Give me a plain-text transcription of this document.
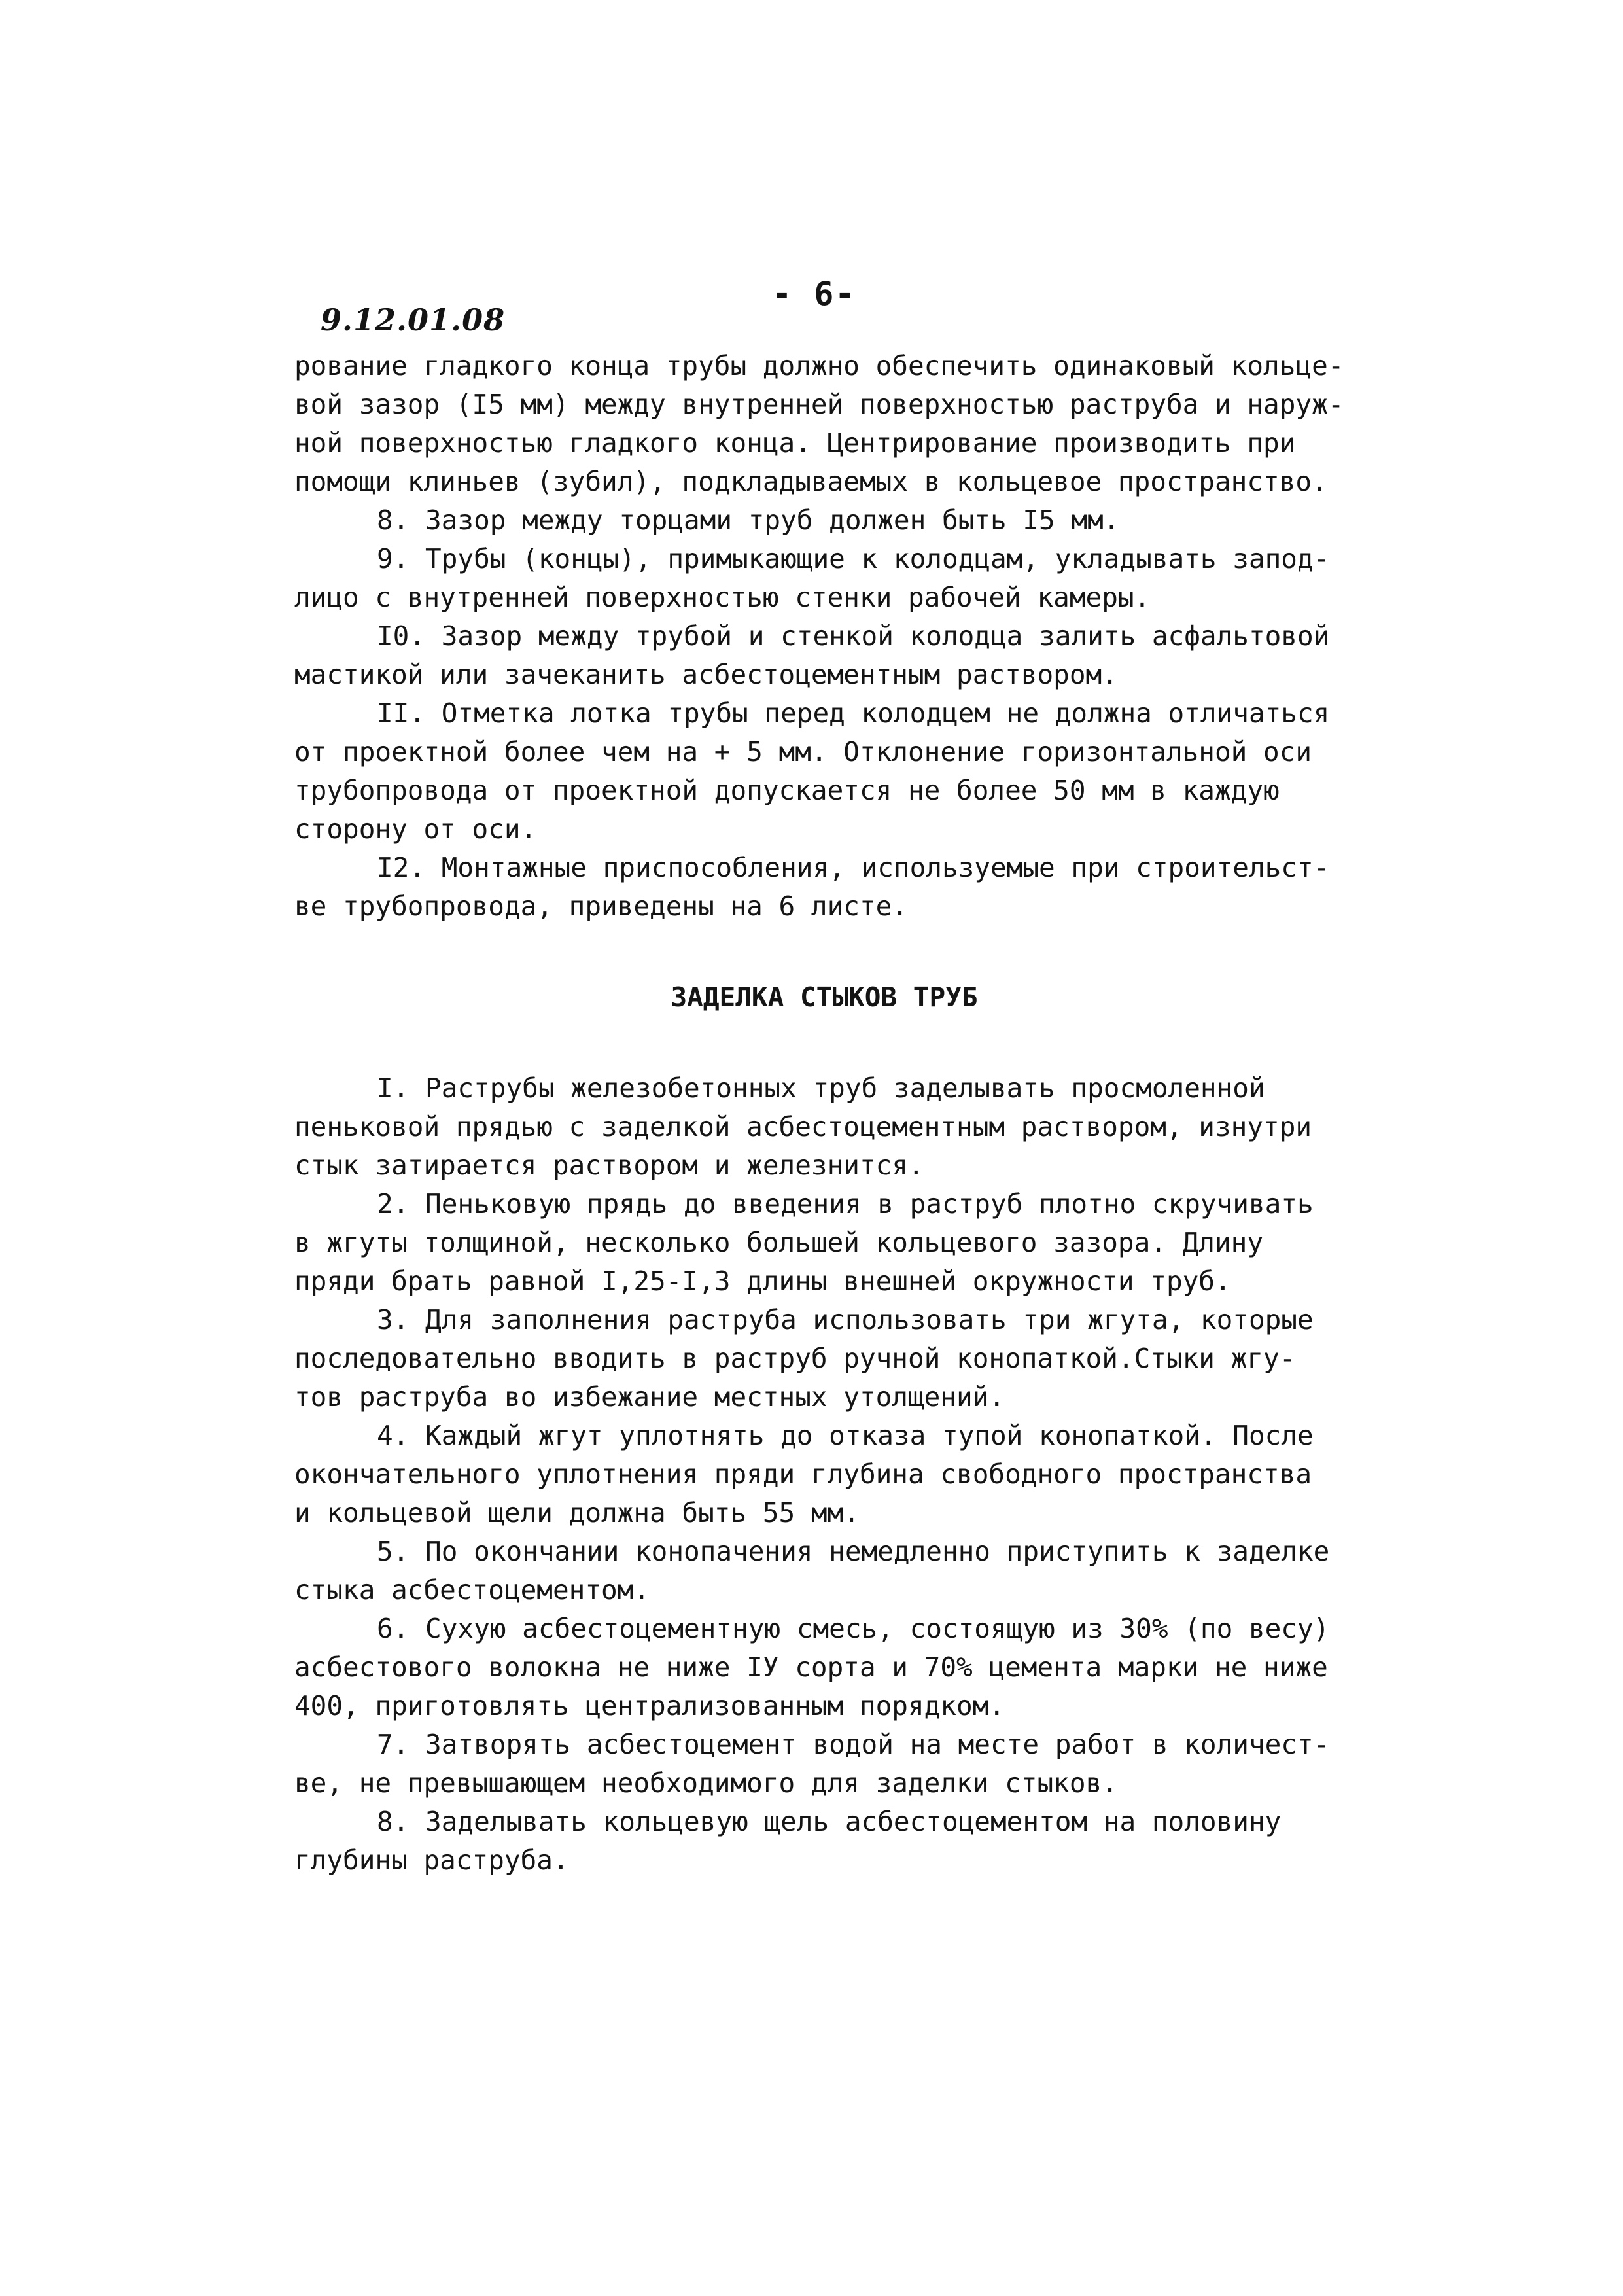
- 6-
9.12.01.08
рование гладкого конца трубы должно обеспечить одинаковый кольце-
вой зазор (I5 мм) между внутренней поверхностью раструба и наруж-
ной поверхностью гладкого конца. Центрирование производить при
помощи клиньев (зубил), подкладываемых в кольцевое пространство.
8. Зазор между торцами труб должен быть I5 мм.
9. Трубы (концы), примыкающие к колодцам, укладывать запод-
лицо с внутренней поверхностью стенки рабочей камеры.
I0. Зазор между трубой и стенкой колодца залить асфальтовой
мастикой или зачеканить асбестоцементным раствором.
II. Отметка лотка трубы перед колодцем не должна отличаться
от проектной более чем на + 5 мм. Отклонение горизонтальной оси
трубопровода от проектной допускается не более 50 мм в каждую
сторону от оси.
I2. Монтажные приспособления, используемые при строительст-
ве трубопровода, приведены на 6 листе.
ЗАДЕЛКА СТЫКОВ ТРУБ
I. Раструбы железобетонных труб заделывать просмоленной
пеньковой прядью с заделкой асбестоцементным раствором, изнутри
стык затирается раствором и железнится.
2. Пеньковую прядь до введения в раструб плотно скручивать
в жгуты толщиной, несколько большей кольцевого зазора. Длину
пряди брать равной I,25-I,3 длины внешней окружности труб.
3. Для заполнения раструба использовать три жгута, которые
последовательно вводить в раструб ручной конопаткой.Стыки жгу-
тов раструба во избежание местных утолщений.
4. Каждый жгут уплотнять до отказа тупой конопаткой. После
окончательного уплотнения пряди глубина свободного пространства
и кольцевой щели должна быть 55 мм.
5. По окончании конопачения немедленно приступить к заделке
стыка асбестоцементом.
6. Сухую асбестоцементную смесь, состоящую из 30% (по весу)
асбестового волокна не ниже IУ сорта и 70% цемента марки не ниже
400, приготовлять централизованным порядком.
7. Затворять асбестоцемент водой на месте работ в количест-
ве, не превышающем необходимого для заделки стыков.
8. Заделывать кольцевую щель асбестоцементом на половину
глубины раструба.
